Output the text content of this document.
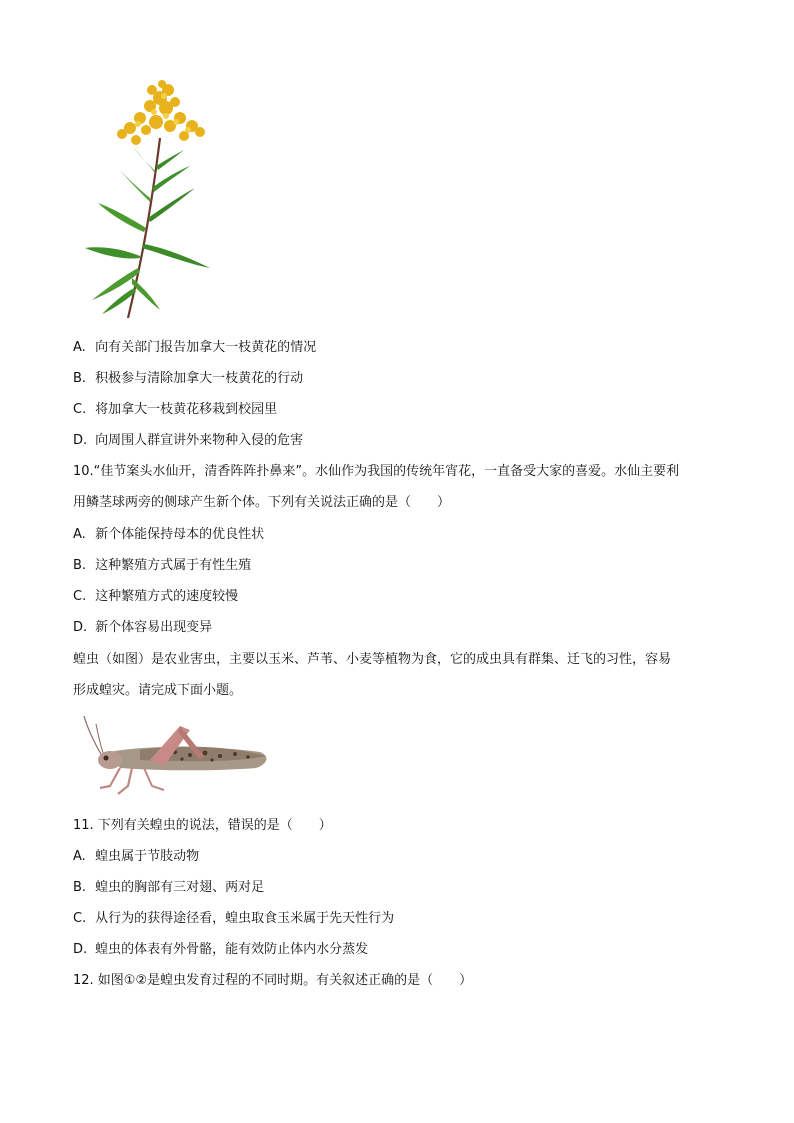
A. 向有关部门报告加拿大一枝黄花的情况
B. 积极参与清除加拿大一枝黄花的行动
C. 将加拿大一枝黄花移栽到校园里
D. 向周围人群宣讲外来物种入侵的危害
10.“佳节案头水仙开，清香阵阵扑鼻来”。水仙作为我国的传统年宵花，一直备受大家的喜爱。水仙主要利
用鳞茎球两旁的侧球产生新个体。下列有关说法正确的是（　　）
A. 新个体能保持母本的优良性状
B. 这种繁殖方式属于有性生殖
C. 这种繁殖方式的速度较慢
D. 新个体容易出现变异
蝗虫（如图）是农业害虫，主要以玉米、芦苇、小麦等植物为食，它的成虫具有群集、迁飞的习性，容易
形成蝗灾。请完成下面小题。
11. 下列有关蝗虫的说法，错误的是（　　）
A. 蝗虫属于节肢动物
B. 蝗虫的胸部有三对翅、两对足
C. 从行为的获得途径看，蝗虫取食玉米属于先天性行为
D. 蝗虫的体表有外骨骼，能有效防止体内水分蒸发
12. 如图①②是蝗虫发育过程的不同时期。有关叙述正确的是（　　）
